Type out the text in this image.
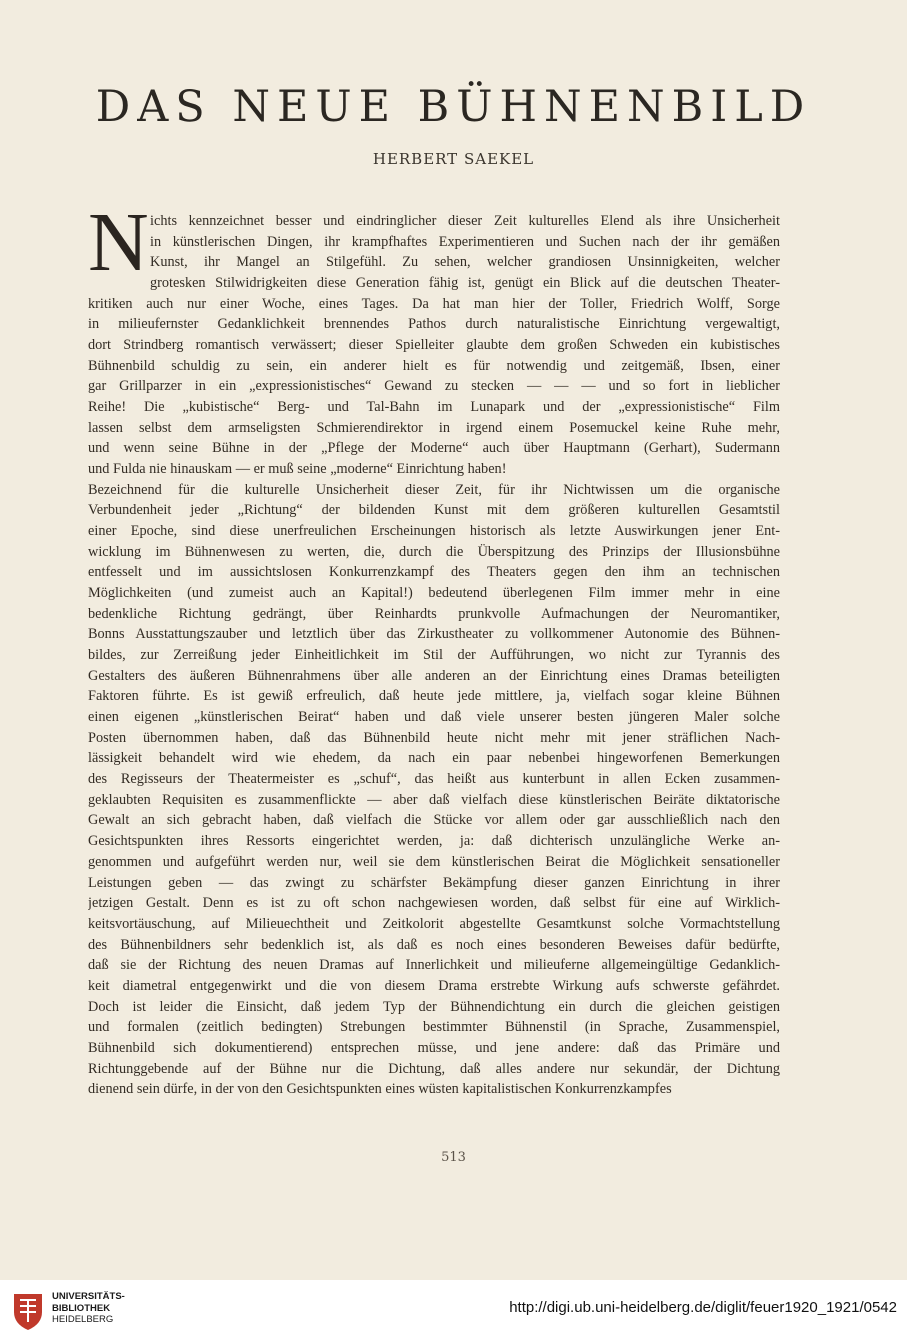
DAS NEUE BÜHNENBILD
HERBERT SAEKEL
N ichts kennzeichnet besser und eindringlicher dieser Zeit kulturelles Elend als ihre Unsicherheit
in künstlerischen Dingen, ihr krampfhaftes Experimentieren und Suchen nach der ihr gemäßen
Kunst, ihr Mangel an Stilgefühl. Zu sehen, welcher grandiosen Unsinnigkeiten, welcher
grotesken Stilwidrigkeiten diese Generation fähig ist, genügt ein Blick auf die deutschen Theater-
kritiken auch nur einer Woche, eines Tages. Da hat man hier der Toller, Friedrich Wolff, Sorge
in milieufernster Gedanklichkeit brennendes Pathos durch naturalistische Einrichtung vergewaltigt,
dort Strindberg romantisch verwässert; dieser Spielleiter glaubte dem großen Schweden ein kubistisches
Bühnenbild schuldig zu sein, ein anderer hielt es für notwendig und zeitgemäß, Ibsen, einer
gar Grillparzer in ein „expressionistisches“ Gewand zu stecken — — — und so fort in lieblicher
Reihe! Die „kubistische“ Berg- und Tal-Bahn im Lunapark und der „expressionistische“ Film
lassen selbst dem armseligsten Schmierendirektor in irgend einem Posemuckel keine Ruhe mehr,
und wenn seine Bühne in der „Pflege der Moderne“ auch über Hauptmann (Gerhart), Sudermann
und Fulda nie hinauskam — er muß seine „moderne“ Einrichtung haben!
Bezeichnend für die kulturelle Unsicherheit dieser Zeit, für ihr Nichtwissen um die organische
Verbundenheit jeder „Richtung“ der bildenden Kunst mit dem größeren kulturellen Gesamtstil
einer Epoche, sind diese unerfreulichen Erscheinungen historisch als letzte Auswirkungen jener Ent-
wicklung im Bühnenwesen zu werten, die, durch die Überspitzung des Prinzips der Illusionsbühne
entfesselt und im aussichtslosen Konkurrenzkampf des Theaters gegen den ihm an technischen
Möglichkeiten (und zumeist auch an Kapital!) bedeutend überlegenen Film immer mehr in eine
bedenkliche Richtung gedrängt, über Reinhardts prunkvolle Aufmachungen der Neuromantiker,
Bonns Ausstattungszauber und letztlich über das Zirkustheater zu vollkommener Autonomie des Bühnen-
bildes, zur Zerreißung jeder Einheitlichkeit im Stil der Aufführungen, wo nicht zur Tyrannis des
Gestalters des äußeren Bühnenrahmens über alle anderen an der Einrichtung eines Dramas beteiligten
Faktoren führte. Es ist gewiß erfreulich, daß heute jede mittlere, ja, vielfach sogar kleine Bühnen
einen eigenen „künstlerischen Beirat“ haben und daß viele unserer besten jüngeren Maler solche
Posten übernommen haben, daß das Bühnenbild heute nicht mehr mit jener sträflichen Nach-
lässigkeit behandelt wird wie ehedem, da nach ein paar nebenbei hingeworfenen Bemerkungen
des Regisseurs der Theatermeister es „schuf“, das heißt aus kunterbunt in allen Ecken zusammen-
geklaubten Requisiten es zusammenflickte — aber daß vielfach diese künstlerischen Beiräte diktatorische
Gewalt an sich gebracht haben, daß vielfach die Stücke vor allem oder gar ausschließlich nach den
Gesichtspunkten ihres Ressorts eingerichtet werden, ja: daß dichterisch unzulängliche Werke an-
genommen und aufgeführt werden nur, weil sie dem künstlerischen Beirat die Möglichkeit sensationeller
Leistungen geben — das zwingt zu schärfster Bekämpfung dieser ganzen Einrichtung in ihrer
jetzigen Gestalt. Denn es ist zu oft schon nachgewiesen worden, daß selbst für eine auf Wirklich-
keitsvortäuschung, auf Milieuechtheit und Zeitkolorit abgestellte Gesamtkunst solche Vormachtstellung
des Bühnenbildners sehr bedenklich ist, als daß es noch eines besonderen Beweises dafür bedürfte,
daß sie der Richtung des neuen Dramas auf Innerlichkeit und milieuferne allgemeingültige Gedanklich-
keit diametral entgegenwirkt und die von diesem Drama erstrebte Wirkung aufs schwerste gefährdet.
Doch ist leider die Einsicht, daß jedem Typ der Bühnendichtung ein durch die gleichen geistigen
und formalen (zeitlich bedingten) Strebungen bestimmter Bühnenstil (in Sprache, Zusammenspiel,
Bühnenbild sich dokumentierend) entsprechen müsse, und jene andere: daß das Primäre und
Richtunggebende auf der Bühne nur die Dichtung, daß alles andere nur sekundär, der Dichtung
dienend sein dürfe, in der von den Gesichtspunkten eines wüsten kapitalistischen Konkurrenzkampfes
513
UNIVERSITÄTS-
BIBLIOTHEK
HEIDELBERG
http://digi.ub.uni-heidelberg.de/diglit/feuer1920_1921/0542
